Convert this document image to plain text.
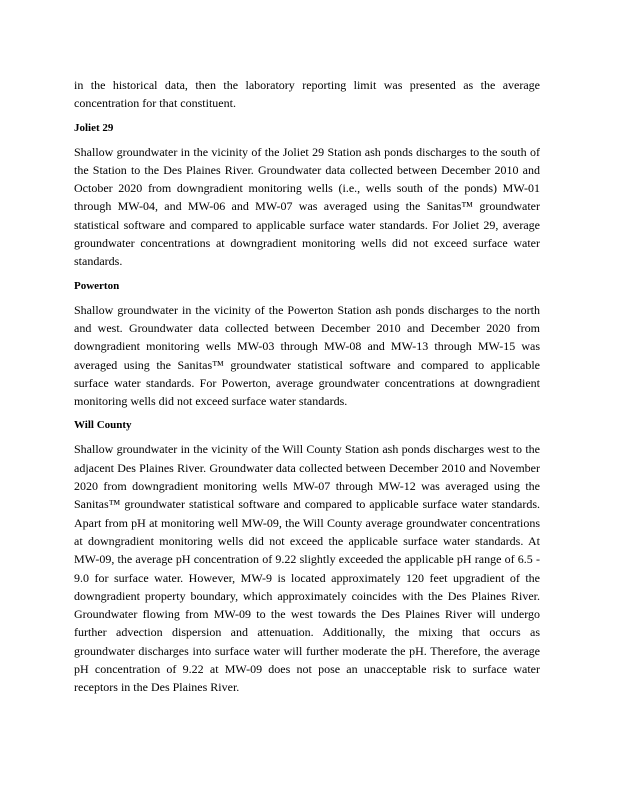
in the historical data, then the laboratory reporting limit was presented as the average concentration for that constituent.

Joliet 29

Shallow groundwater in the vicinity of the Joliet 29 Station ash ponds discharges to the south of the Station to the Des Plaines River. Groundwater data collected between December 2010 and October 2020 from downgradient monitoring wells (i.e., wells south of the ponds) MW-01 through MW-04, and MW-06 and MW-07 was averaged using the Sanitas™ groundwater statistical software and compared to applicable surface water standards. For Joliet 29, average groundwater concentrations at downgradient monitoring wells did not exceed surface water standards.

Powerton

Shallow groundwater in the vicinity of the Powerton Station ash ponds discharges to the north and west. Groundwater data collected between December 2010 and December 2020 from downgradient monitoring wells MW-03 through MW-08 and MW-13 through MW-15 was averaged using the Sanitas™ groundwater statistical software and compared to applicable surface water standards. For Powerton, average groundwater concentrations at downgradient monitoring wells did not exceed surface water standards.

Will County

Shallow groundwater in the vicinity of the Will County Station ash ponds discharges west to the adjacent Des Plaines River. Groundwater data collected between December 2010 and November 2020 from downgradient monitoring wells MW-07 through MW-12 was averaged using the Sanitas™ groundwater statistical software and compared to applicable surface water standards. Apart from pH at monitoring well MW-09, the Will County average groundwater concentrations at downgradient monitoring wells did not exceed the applicable surface water standards. At MW-09, the average pH concentration of 9.22 slightly exceeded the applicable pH range of 6.5 - 9.0 for surface water. However, MW-9 is located approximately 120 feet upgradient of the downgradient property boundary, which approximately coincides with the Des Plaines River. Groundwater flowing from MW-09 to the west towards the Des Plaines River will undergo further advection dispersion and attenuation. Additionally, the mixing that occurs as groundwater discharges into surface water will further moderate the pH. Therefore, the average pH concentration of 9.22 at MW-09 does not pose an unacceptable risk to surface water receptors in the Des Plaines River.
